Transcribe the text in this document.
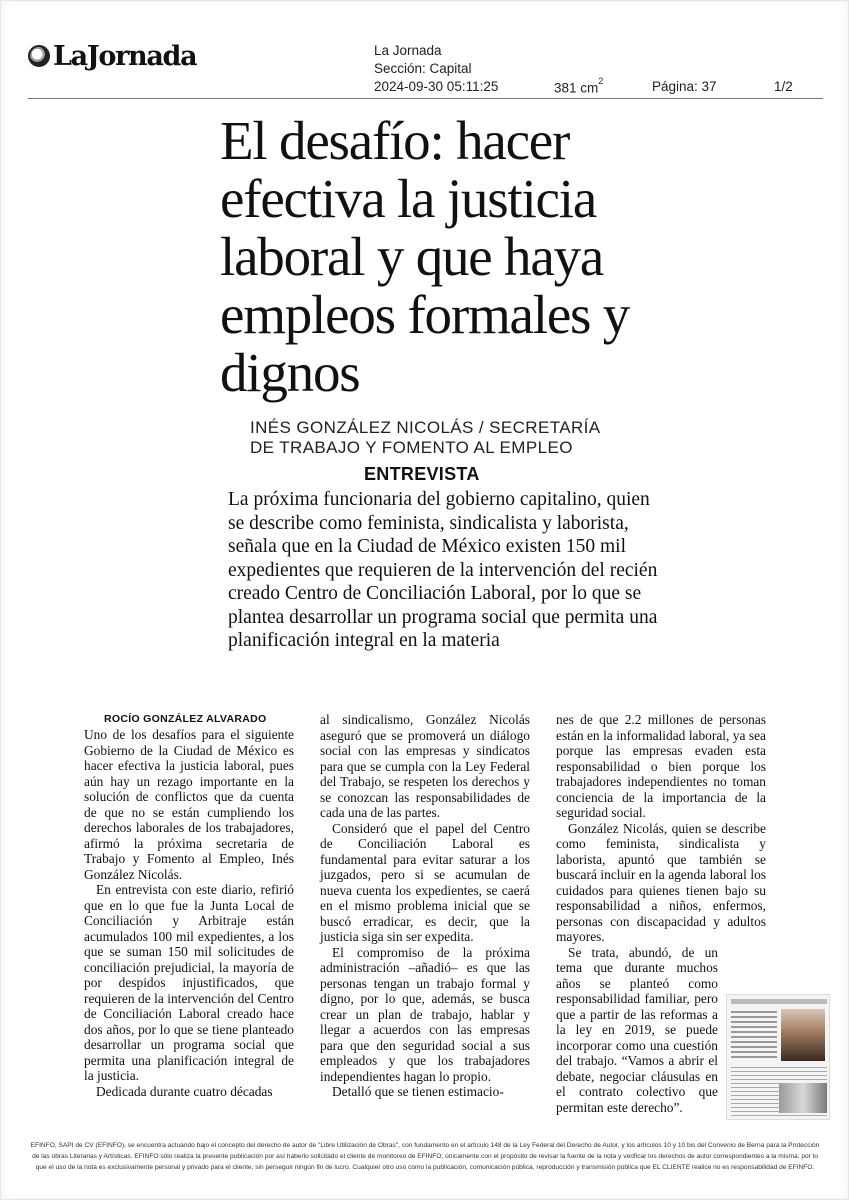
LaJornada	La Jornada
Sección: Capital
2024-09-30 05:11:25	381 $cm^2$	Página: 37	1/2
El desafío: hacer efectiva la justicia laboral y que haya empleos formales y dignos
INÉS GONZÁLEZ NICOLÁS / SECRETARÍA DE TRABAJO Y FOMENTO AL EMPLEO
ENTREVISTA
La próxima funcionaria del gobierno capitalino, quien se describe como feminista, sindicalista y laborista, señala que en la Ciudad de México existen 150 mil expedientes que requieren de la intervención del recién creado Centro de Conciliación Laboral, por lo que se plantea desarrollar un programa social que permita una planificación integral en la materia
ROCÍO GONZÁLEZ ALVARADO

Uno de los desafíos para el siguiente Gobierno de la Ciudad de México es hacer efectiva la justicia laboral, pues aún hay un rezago importante en la solución de conflictos que da cuenta de que no se están cumpliendo los derechos laborales de los trabajadores, afirmó la próxima secretaria de Trabajo y Fomento al Empleo, Inés González Nicolás.

En entrevista con este diario, refirió que en lo que fue la Junta Local de Conciliación y Arbitraje están acumulados 100 mil expedientes, a los que se suman 150 mil solicitudes de conciliación prejudicial, la mayoría de por despidos injustificados, que requieren de la intervención del Centro de Conciliación Laboral creado hace dos años, por lo que se tiene planteado desarrollar un programa social que permita una planificación integral de la justicia.

Dedicada durante cuatro décadas

al sindicalismo, González Nicolás aseguró que se promoverá un diálogo social con las empresas y sindicatos para que se cumpla con la Ley Federal del Trabajo, se respeten los derechos y se conozcan las responsabilidades de cada una de las partes.

Consideró que el papel del Centro de Conciliación Laboral es fundamental para evitar saturar a los juzgados, pero si se acumulan de nueva cuenta los expedientes, se caerá en el mismo problema inicial que se buscó erradicar, es decir, que la justicia siga sin ser expedita.

El compromiso de la próxima administración –añadió– es que las personas tengan un trabajo formal y digno, por lo que, además, se busca crear un plan de trabajo, hablar y llegar a acuerdos con las empresas para que den seguridad social a sus empleados y que los trabajadores independientes hagan lo propio.

Detalló que se tienen estimacio-

nes de que 2.2 millones de personas están en la informalidad laboral, ya sea porque las empresas evaden esta responsabilidad o bien porque los trabajadores independientes no toman conciencia de la importancia de la seguridad social.

González Nicolás, quien se describe como feminista, sindicalista y laborista, apuntó que también se buscará incluir en la agenda laboral los cuidados para quienes tienen bajo su responsabilidad a niños, enfermos, personas con discapacidad y adultos mayores.

Se trata, abundó, de un tema que durante muchos años se planteó como responsabilidad familiar, pero que a partir de las reformas a la ley en 2019, se puede incorporar como una cuestión del trabajo. “Vamos a abrir el debate, negociar cláusulas en el contrato colectivo que permitan este derecho”.

EFINFO, SAPI de CV (EFINFO), se encuentra actuando bajo el concepto del derecho de autor de "Libre Utilización de Obras", con fundamento en el artículo 148 de la Ley Federal del Derecho de Autor, y los artículos 10 y 10 bis del Convenio de Berna para la Protección de las obras Literarias y Artísticas. EFINFO sólo realiza la presente publicación por así haberlo solicitado el cliente de monitoreo de EFINFO, únicamente con el propósito de revisar la fuente de la nota y verificar los derechos de autor correspondientes a la misma; por lo que el uso de la nota es exclusivamente personal y privado para el cliente, sin perseguir ningún fin de lucro. Cualquier otro uso como la publicación, comunicación pública, reproducción y transmisión pública que EL CLIENTE realice no es responsabilidad de EFINFO.
